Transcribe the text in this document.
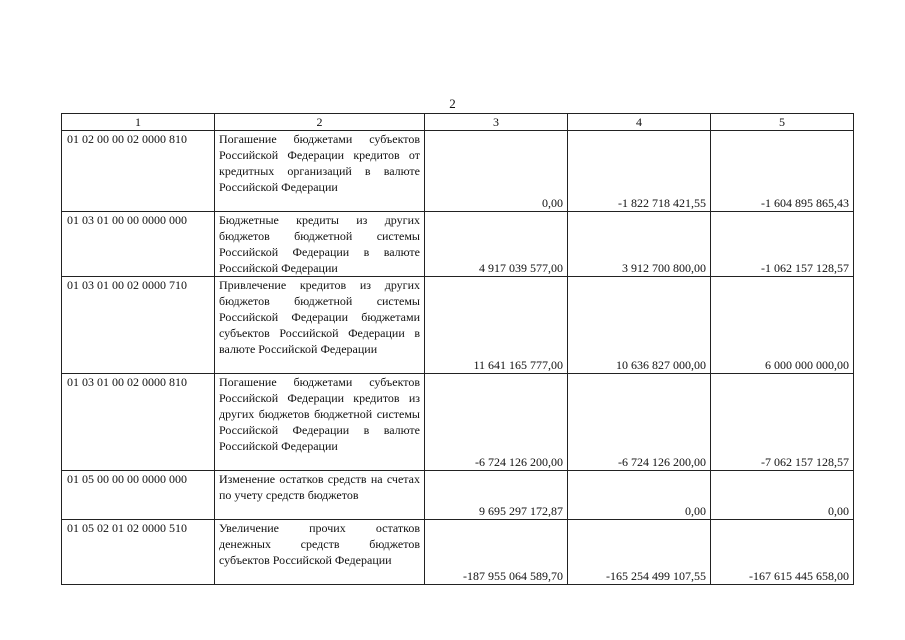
2
1	2	3	4	5
01 02 00 00 02 0000 810	Погашение бюджетами субъектов Российской Федерации кредитов от кредитных организаций в валюте Российской Федерации	0,00	-1 822 718 421,55	-1 604 895 865,43
01 03 01 00 00 0000 000	Бюджетные кредиты из других бюджетов бюджетной системы Российской Федерации в валюте Российской Федерации	4 917 039 577,00	3 912 700 800,00	-1 062 157 128,57
01 03 01 00 02 0000 710	Привлечение кредитов из других бюджетов бюджетной системы Российской Федерации бюджетами субъектов Российской Федерации в валюте Российской Федерации	11 641 165 777,00	10 636 827 000,00	6 000 000 000,00
01 03 01 00 02 0000 810	Погашение бюджетами субъектов Российской Федерации кредитов из других бюджетов бюджетной системы Российской Федерации в валюте Российской Федерации	-6 724 126 200,00	-6 724 126 200,00	-7 062 157 128,57
01 05 00 00 00 0000 000	Изменение остатков средств на счетах по учету средств бюджетов	9 695 297 172,87	0,00	0,00
01 05 02 01 02 0000 510	Увеличение прочих остатков денежных средств бюджетов субъектов Российской Федерации	-187 955 064 589,70	-165 254 499 107,55	-167 615 445 658,00
